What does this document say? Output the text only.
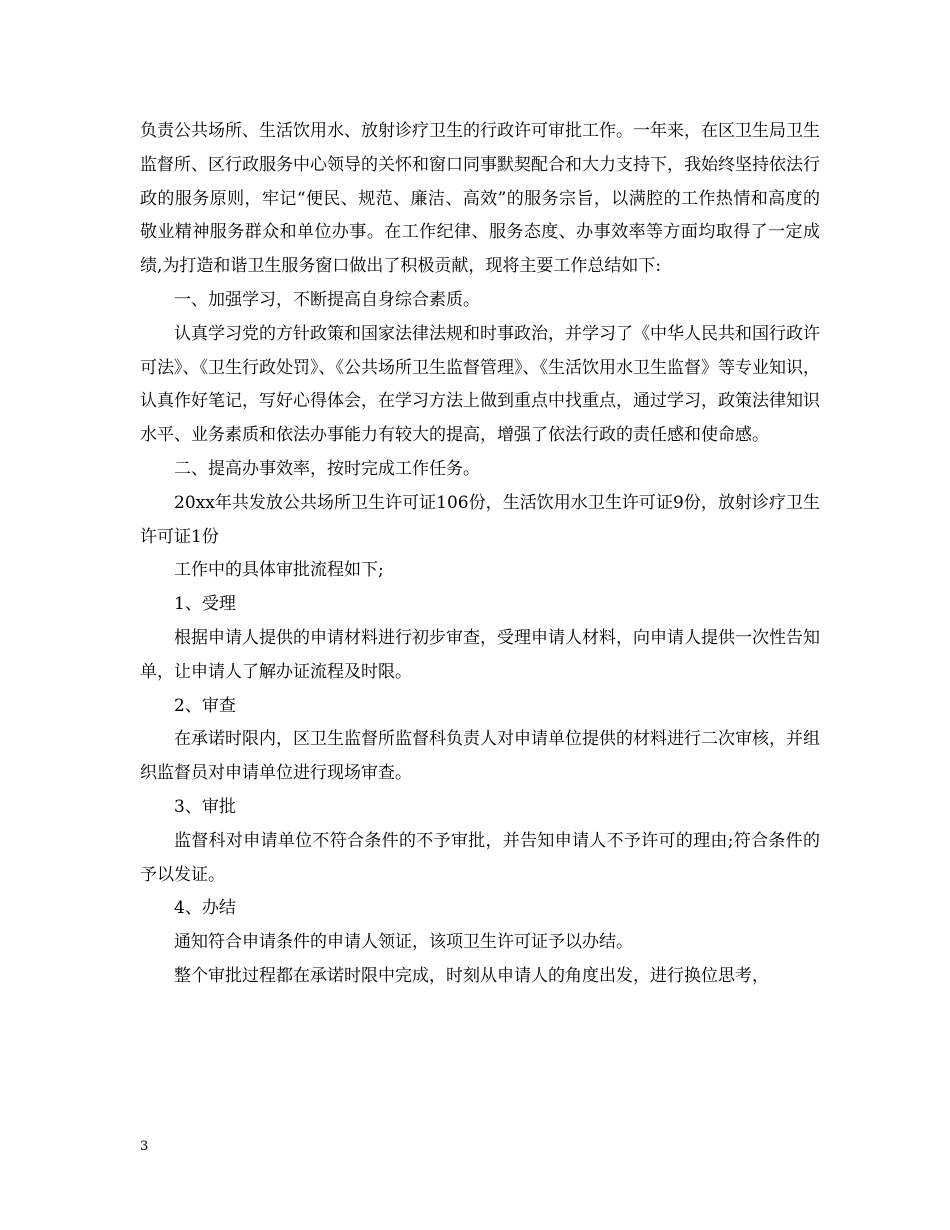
负责公共场所、生活饮用水、放射诊疗卫生的行政许可审批工作。一年来，在区卫生局卫生监督所、区行政服务中心领导的关怀和窗口同事默契配合和大力支持下，我始终坚持依法行政的服务原则，牢记“便民、规范、廉洁、高效”的服务宗旨，以满腔的工作热情和高度的敬业精神服务群众和单位办事。在工作纪律、服务态度、办事效率等方面均取得了一定成绩,为打造和谐卫生服务窗口做出了积极贡献，现将主要工作总结如下:

一、加强学习，不断提高自身综合素质。

认真学习党的方针政策和国家法律法规和时事政治，并学习了《中华人民共和国行政许可法》、《卫生行政处罚》、《公共场所卫生监督管理》、《生活饮用水卫生监督》等专业知识，认真作好笔记，写好心得体会，在学习方法上做到重点中找重点，通过学习，政策法律知识水平、业务素质和依法办事能力有较大的提高，增强了依法行政的责任感和使命感。

二、提高办事效率，按时完成工作任务。

20xx年共发放公共场所卫生许可证106份，生活饮用水卫生许可证9份，放射诊疗卫生许可证1份

工作中的具体审批流程如下;

1、受理

根据申请人提供的申请材料进行初步审查，受理申请人材料，向申请人提供一次性告知单，让申请人了解办证流程及时限。

2、审查

在承诺时限内，区卫生监督所监督科负责人对申请单位提供的材料进行二次审核，并组织监督员对申请单位进行现场审查。

3、审批

监督科对申请单位不符合条件的不予审批，并告知申请人不予许可的理由;符合条件的予以发证。

4、办结

通知符合申请条件的申请人领证，该项卫生许可证予以办结。

整个审批过程都在承诺时限中完成，时刻从申请人的角度出发，进行换位思考，

3
